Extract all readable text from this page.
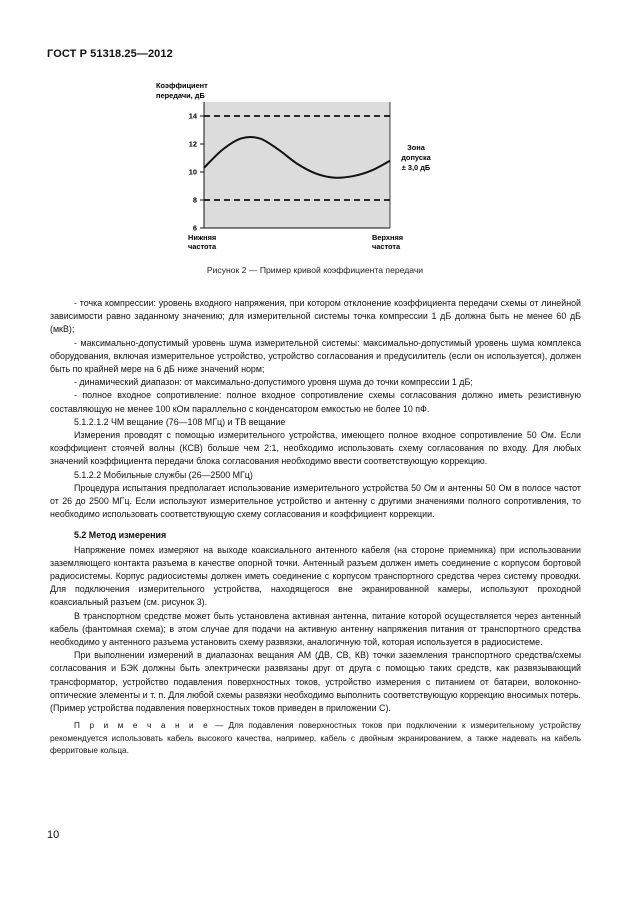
ГОСТ Р 51318.25—2012
Коэффициент
передачи, дБ
6
8
10
12
14
Нижняя
частота
Верхняя
частота
Зона
допуска
± 3,0 дБ
Рисунок 2 — Пример кривой коэффициента передачи

- точка компрессии: уровень входного напряжения, при котором отклонение коэффициента передачи схемы от линейной зависимости равно заданному значению; для измерительной системы точка компрессии 1 дБ должна быть не менее 60 дБ (мкВ);

- максимально-допустимый уровень шума измерительной системы: максимально-допустимый уровень шума комплекса оборудования, включая измерительное устройство, устройство согласования и предусилитель (если он используется), должен быть по крайней мере на 6 дБ ниже значений норм;

- динамический диапазон: от максимально-допустимого уровня шума до точки компрессии 1 дБ;

- полное входное сопротивление: полное входное сопротивление схемы согласования должно иметь резистивную составляющую не менее 100 кОм параллельно с конденсатором емкостью не более 10 пФ.

5.1.2.1.2 ЧМ вещание (76—108 МГц) и ТВ вещание

Измерения проводят с помощью измерительного устройства, имеющего полное входное сопротивление 50 Ом. Если коэффициент стоячей волны (КСВ) больше чем 2:1, необходимо использовать схему согласования по входу. Для любых значений коэффициента передачи блока согласования необходимо ввести соответствующую коррекцию.

5.1.2.2 Мобильные службы (26—2500 МГц)

Процедура испытания предполагает использование измерительного устройства 50 Ом и антенны 50 Ом в полосе частот от 26 до 2500 МГц. Если используют измерительное устройство и антенну с другими значениями полного сопротивления, то необходимо использовать соответствующую схему согласования и коэффициент коррекции.

5.2 Метод измерения

Напряжение помех измеряют на выходе коаксиального антенного кабеля (на стороне приемника) при использовании заземляющего контакта разъема в качестве опорной точки. Антенный разъем должен иметь соединение с корпусом бортовой радиосистемы. Корпус радиосистемы должен иметь соединение с корпусом транспортного средства через систему проводки. Для подключения измерительного устройства, находящегося вне экранированной камеры, используют проходной коаксиальный разъем (см. рисунок 3).

В транспортном средстве может быть установлена активная антенна, питание которой осуществляется через антенный кабель (фантомная схема); в этом случае для подачи на активную антенну напряжения питания от транспортного средства необходимо у антенного разъема установить схему развязки, аналогичную той, которая используется в радиосистеме.

При выполнении измерений в диапазонах вещания АМ (ДВ, СВ, КВ) точки заземления транспортного средства/схемы согласования и БЭК должны быть электрически развязаны друг от друга с помощью таких средств, как развязывающий трансформатор, устройство подавления поверхностных токов, устройство измерения с питанием от батареи, волоконно-оптические элементы и т. п. Для любой схемы развязки необходимо выполнить соответствующую коррекцию вносимых потерь. (Пример устройства подавления поверхностных токов приведен в приложении С).

П р и м е ч а н и е — Для подавления поверхностных токов при подключении к измерительному устройству рекомендуется использовать кабель высокого качества, например, кабель с двойным экранированием, а также надевать на кабель ферритовые кольца.

10
